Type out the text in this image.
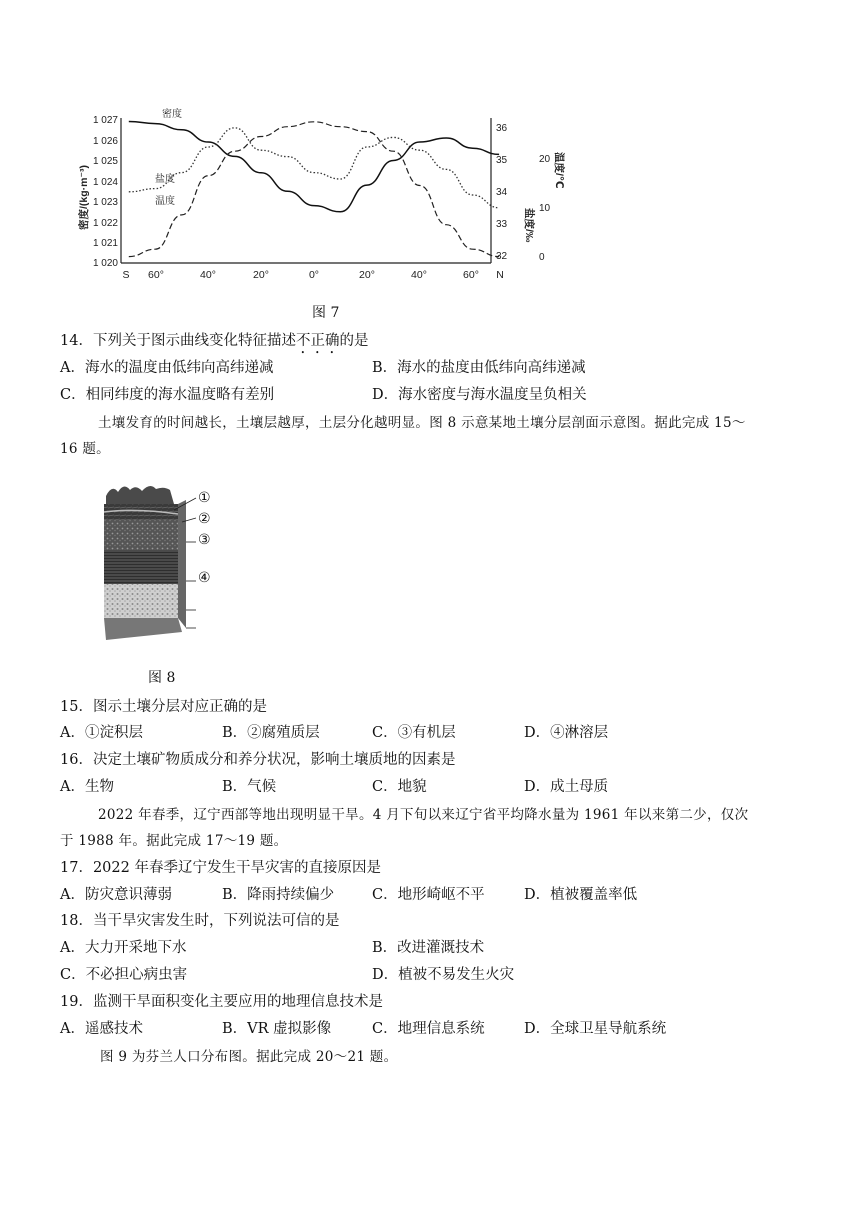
1 027
1 026
1 025
1 024
1 023
1 022
1 021
1 020
密度/(kg·m⁻³)
36
35
34
33
32
盐度/‰
20
10
0
温度/℃
S 60°	40°	20°	0°	20°	40°	60° N
密度
盐度
温度
图 7
14．下列关于图示曲线变化特征描述不正确的是
A．海水的温度由低纬向高纬递减	B．海水的盐度由低纬向高纬递减
C．相同纬度的海水温度略有差别	D．海水密度与海水温度呈负相关
土壤发育的时间越长，土壤层越厚，土层分化越明显。图 8 示意某地土壤分层剖面示意图。据此完成 15～
16 题。
①
②
③
④
图 8
15．图示土壤分层对应正确的是
A．①淀积层	B．②腐殖质层	C．③有机层	D．④淋溶层
16．决定土壤矿物质成分和养分状况，影响土壤质地的因素是
A．生物	B．气候	C．地貌	D．成土母质
2022 年春季，辽宁西部等地出现明显干旱。4 月下旬以来辽宁省平均降水量为 1961 年以来第二少，仅次
于 1988 年。据此完成 17～19 题。
17．2022 年春季辽宁发生干旱灾害的直接原因是
A．防灾意识薄弱	B．降雨持续偏少	C．地形崎岖不平	D．植被覆盖率低
18．当干旱灾害发生时，下列说法可信的是
A．大力开采地下水	B．改进灌溉技术
C．不必担心病虫害	D．植被不易发生火灾
19．监测干旱面积变化主要应用的地理信息技术是
A．遥感技术	B．VR 虚拟影像	C．地理信息系统	D．全球卫星导航系统
图 9 为芬兰人口分布图。据此完成 20～21 题。
